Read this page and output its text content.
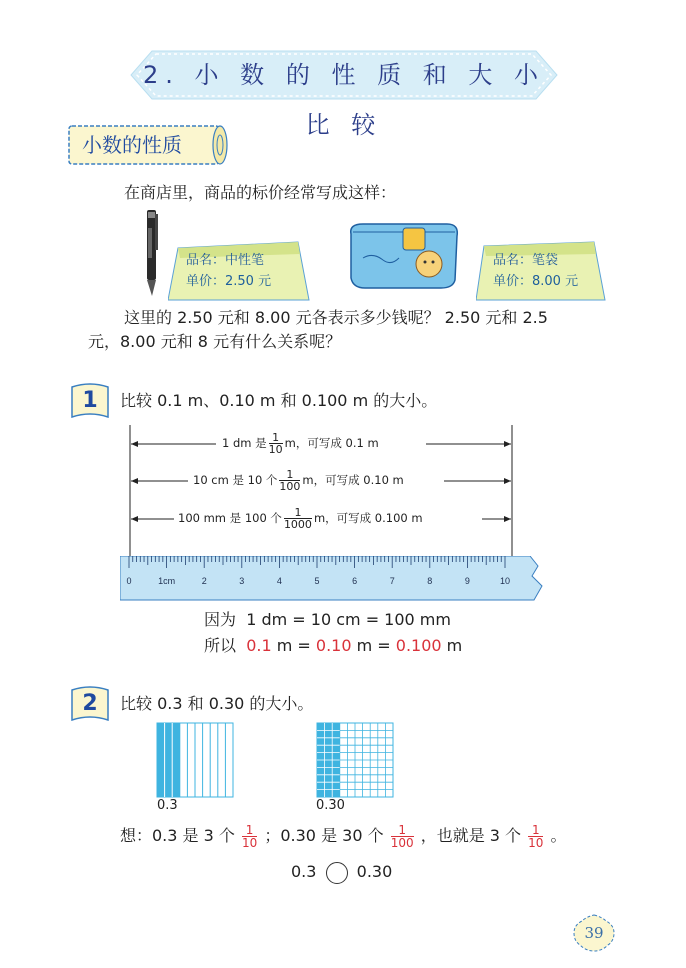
2. 小 数 的 性 质 和 大 小 比 较
小数的性质
在商店里，商品的标价经常写成这样：
品名：中性笔
单价：2.50 元
品名：笔袋
单价：8.00 元
这里的 2.50 元和 8.00 元各表示多少钱呢？ 2.50 元和 2.5
元，8.00 元和 8 元有什么关系呢？
1	比较 0.1 m、0.10 m 和 0.100 m 的大小。
1 dm 是 $\frac{1}{10}$ m，可写成 0.1 m
10 cm 是 10 个 $\frac{1}{100}$ m，可写成 0.10 m
100 mm 是 100 个 $\frac{1}{1000}$ m，可写成 0.100 m
0	1cm	2	3	4	5	6	7	8	9	10
因为 1 dm = 10 cm = 100 mm
所以 0.1 m = 0.10 m = 0.100 m
2	比较 0.3 和 0.30 的大小。
0.3	0.30
想：0.3 是 3 个 $\frac{1}{10}$ ；0.30 是 30 个 $\frac{1}{100}$ ，也就是 3 个 $\frac{1}{10}$ 。
0.3	0.30
39
